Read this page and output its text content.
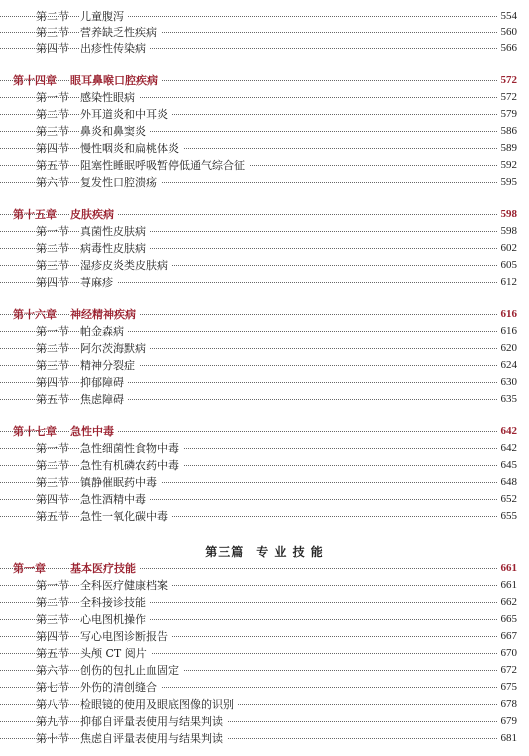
第二节 儿童腹泻	554
第三节 营养缺乏性疾病	560
第四节 出疹性传染病	566
第十四章 眼耳鼻喉口腔疾病	572
第一节 感染性眼病	572
第二节 外耳道炎和中耳炎	579
第三节 鼻炎和鼻窦炎	586
第四节 慢性咽炎和扁桃体炎	589
第五节 阻塞性睡眠呼吸暂停低通气综合征	592
第六节 复发性口腔溃疡	595
第十五章 皮肤疾病	598
第一节 真菌性皮肤病	598
第二节 病毒性皮肤病	602
第三节 湿疹皮炎类皮肤病	605
第四节 荨麻疹	612
第十六章 神经精神疾病	616
第一节 帕金森病	616
第二节 阿尔茨海默病	620
第三节 精神分裂症	624
第四节 抑郁障碍	630
第五节 焦虑障碍	635
第十七章 急性中毒	642
第一节 急性细菌性食物中毒	642
第二节 急性有机磷农药中毒	645
第三节 镇静催眠药中毒	648
第四节 急性酒精中毒	652
第五节 急性一氧化碳中毒	655
第三篇 专 业 技 能
第一章 基本医疗技能	661
第一节 全科医疗健康档案	661
第二节 全科接诊技能	662
第三节 心电图机操作	665
第四节 写心电图诊断报告	667
第五节 头颅 CT 阅片	670
第六节 创伤的包扎止血固定	672
第七节 外伤的清创缝合	675
第八节 检眼镜的使用及眼底图像的识别	678
第九节 抑郁自评量表使用与结果判读	679
第十节 焦虑自评量表使用与结果判读	681
